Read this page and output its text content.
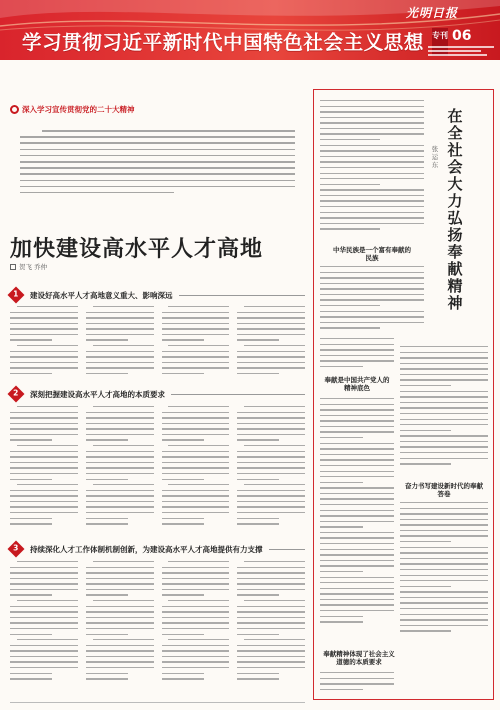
光明日报
学习贯彻习近平新时代中国特色社会主义思想 专刊 06
深入学习宣传贯彻党的二十大精神
加快建设高水平人才高地
贺飞 乔仲
1	建设好高水平人才高地意义重大、影响深远
2	深刻把握建设高水平人才高地的本质要求
3	持续深化人才工作体制机制创新，为建设高水平人才高地提供有力支撑
在全社会大力弘扬奉献精神
张运东
中华民族是一个富有奉献的民族
奉献是中国共产党人的精神底色
奋力书写建设新时代的奉献答卷
奉献精神体现了社会主义道德的本质要求
